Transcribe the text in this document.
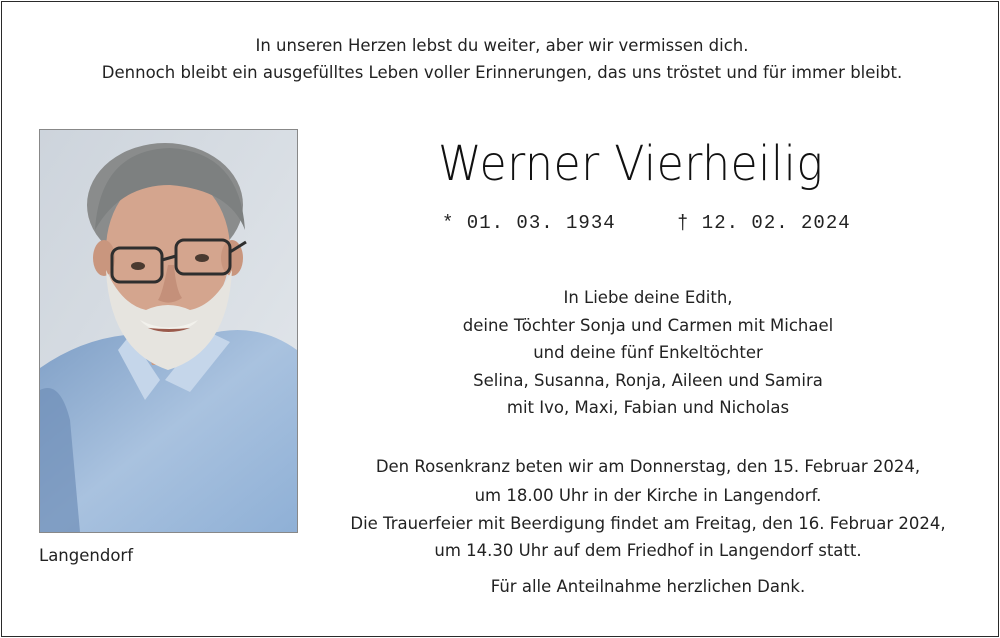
In unseren Herzen lebst du weiter, aber wir vermissen dich.
Dennoch bleibt ein ausgefülltes Leben voller Erinnerungen, das uns tröstet und für immer bleibt.
Langendorf
Werner Vierheilig
* 01. 03. 1934	† 12. 02. 2024
In Liebe deine Edith,
deine Töchter Sonja und Carmen mit Michael
und deine fünf Enkeltöchter
Selina, Susanna, Ronja, Aileen und Samira
mit Ivo, Maxi, Fabian und Nicholas
Den Rosenkranz beten wir am Donnerstag, den 15. Februar 2024,
um 18.00 Uhr in der Kirche in Langendorf.
Die Trauerfeier mit Beerdigung findet am Freitag, den 16. Februar 2024,
um 14.30 Uhr auf dem Friedhof in Langendorf statt.
Für alle Anteilnahme herzlichen Dank.
